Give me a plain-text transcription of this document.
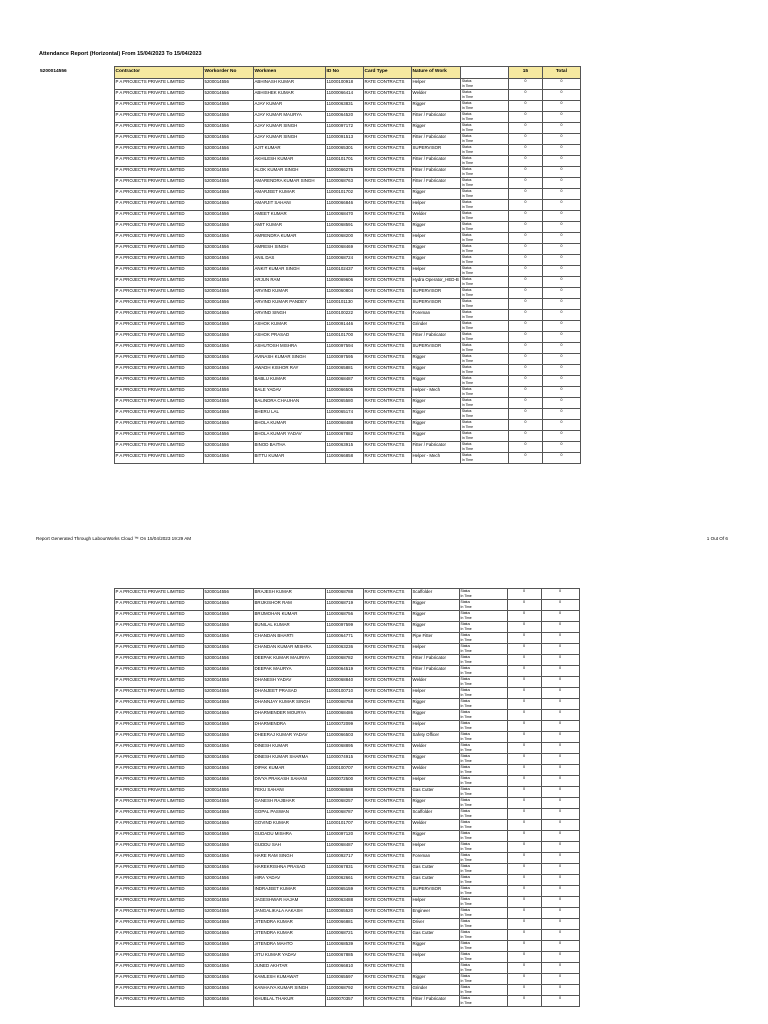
Attendance Report (Horizontal) From 15/04/2023 To 15/04/2023
5200014556	Contractor	Workorder No	Workmen	ID No	Card Type	Nature of Work		15	Total
	P A PROJECTS PRIVATE LIMITED	5200014556	ABHINASH KUMAR	11000100918	RATE CONTRACTS	Helper	Status
In Time	0	0

	P A PROJECTS PRIVATE LIMITED	5200014556	ABHISHEK KUMAR	11000066414	RATE CONTRACTS	Welder	Status
In Time	0	0

	P A PROJECTS PRIVATE LIMITED	5200014556	AJAY KUMAR	11000063831	RATE CONTRACTS	Rigger	Status
In Time	0	0

	P A PROJECTS PRIVATE LIMITED	5200014556	AJAY KUMAR MAURYA	11000064520	RATE CONTRACTS	Fitter / Fabricator	Status
In Time	0	0

	P A PROJECTS PRIVATE LIMITED	5200014556	AJAY KUMAR SINGH	11000097172	RATE CONTRACTS	Rigger	Status
In Time	0	0

	P A PROJECTS PRIVATE LIMITED	5200014556	AJAY KUMAR SINGH	11000091513	RATE CONTRACTS	Fitter / Fabricator	Status
In Time	0	0

	P A PROJECTS PRIVATE LIMITED	5200014556	AJIT KUMAR	11000065301	RATE CONTRACTS	SUPERVISOR	Status
In Time	0	0

	P A PROJECTS PRIVATE LIMITED	5200014556	AKHILESH KUMAR	11000101701	RATE CONTRACTS	Fitter / Fabricator	Status
In Time	0	0

	P A PROJECTS PRIVATE LIMITED	5200014556	ALOK KUMAR SINGH	11000066275	RATE CONTRACTS	Fitter / Fabricator	Status
In Time	0	0

	P A PROJECTS PRIVATE LIMITED	5200014556	AMARENDRA KUMAR SINGH	11000068763	RATE CONTRACTS	Fitter / Fabricator	Status
In Time	0	0

	P A PROJECTS PRIVATE LIMITED	5200014556	AMARJEET KUMAR	11000101702	RATE CONTRACTS	Rigger	Status
In Time	0	0

	P A PROJECTS PRIVATE LIMITED	5200014556	AMARJIT SAHANI	11000066846	RATE CONTRACTS	Helper	Status
In Time	0	0

	P A PROJECTS PRIVATE LIMITED	5200014556	AMEET KUMAR	11000068470	RATE CONTRACTS	Welder	Status
In Time	0	0

	P A PROJECTS PRIVATE LIMITED	5200014556	AMIT KUMAR	11000068591	RATE CONTRACTS	Rigger	Status
In Time	0	0

	P A PROJECTS PRIVATE LIMITED	5200014556	AMRENDRA KUMAR	11000068200	RATE CONTRACTS	Helper	Status
In Time	0	0

	P A PROJECTS PRIVATE LIMITED	5200014556	AMRESH SINGH	11000068469	RATE CONTRACTS	Rigger	Status
In Time	0	0

	P A PROJECTS PRIVATE LIMITED	5200014556	ANIL DAS	11000068724	RATE CONTRACTS	Rigger	Status
In Time	0	0

	P A PROJECTS PRIVATE LIMITED	5200014556	ANKIT KUMAR SINGH	11000102437	RATE CONTRACTS	Helper	Status
In Time	0	0

	P A PROJECTS PRIVATE LIMITED	5200014556	ARJUN RAM	11000069606	RATE CONTRACTS	Hydra Operator_HED-B	Status
In Time	0	0

	P A PROJECTS PRIVATE LIMITED	5200014556	ARVIND KUMAR	11000060804	RATE CONTRACTS	SUPERVISOR	Status
In Time	0	0

	P A PROJECTS PRIVATE LIMITED	5200014556	ARVIND KUMAR PANDEY	11000101130	RATE CONTRACTS	SUPERVISOR	Status
In Time	0	0

	P A PROJECTS PRIVATE LIMITED	5200014556	ARVIND SINGH	11000100222	RATE CONTRACTS	Foreman	Status
In Time	0	0

	P A PROJECTS PRIVATE LIMITED	5200014556	ASHOK KUMAR	11000091446	RATE CONTRACTS	Grinder	Status
In Time	0	0

	P A PROJECTS PRIVATE LIMITED	5200014556	ASHOK PRASAD	11000101700	RATE CONTRACTS	Fitter / Fabricator	Status
In Time	0	0

	P A PROJECTS PRIVATE LIMITED	5200014556	ASHUTOSH MISHRA	11000097594	RATE CONTRACTS	SUPERVISOR	Status
In Time	0	0

	P A PROJECTS PRIVATE LIMITED	5200014556	AVINASH KUMAR SINGH	11000097595	RATE CONTRACTS	Rigger	Status
In Time	0	0

	P A PROJECTS PRIVATE LIMITED	5200014556	AWADH KISHOR RAY	11000065881	RATE CONTRACTS	Rigger	Status
In Time	0	0

	P A PROJECTS PRIVATE LIMITED	5200014556	BABLU KUMAR	11000068487	RATE CONTRACTS	Rigger	Status
In Time	0	0

	P A PROJECTS PRIVATE LIMITED	5200014556	BALE YADAV	11000066505	RATE CONTRACTS	Helper - Mech	Status
In Time	0	0

	P A PROJECTS PRIVATE LIMITED	5200014556	BALINDRA CHAUHAN	11000065580	RATE CONTRACTS	Rigger	Status
In Time	0	0

	P A PROJECTS PRIVATE LIMITED	5200014556	BHERU LAL	11000065174	RATE CONTRACTS	Rigger	Status
In Time	0	0

	P A PROJECTS PRIVATE LIMITED	5200014556	BHOLA KUMAR	11000068488	RATE CONTRACTS	Rigger	Status
In Time	0	0

	P A PROJECTS PRIVATE LIMITED	5200014556	BHOLA KUMAR YADAV	11000067882	RATE CONTRACTS	Rigger	Status
In Time	0	0

	P A PROJECTS PRIVATE LIMITED	5200014556	BINOD BAITHA	11000063915	RATE CONTRACTS	Fitter / Fabricator	Status
In Time	0	0

	P A PROJECTS PRIVATE LIMITED	5200014556	BITTU KUMAR	11000066858	RATE CONTRACTS	Helper - Mech	Status
In Time	0	0
Report Generated Through LabourWorks Cloud ™ On 15/04/2023 19:29 AM	1 Out Of 6
	P A PROJECTS PRIVATE LIMITED	5200014556	BRAJESH KUMAR	11000068788	RATE CONTRACTS	Scaffolder	Status
In Time	0	0

	P A PROJECTS PRIVATE LIMITED	5200014556	BRIJKISHOR RAM	11000068719	RATE CONTRACTS	Rigger	Status
In Time	0	0

	P A PROJECTS PRIVATE LIMITED	5200014556	BRIJMOHAN KUMAR	11000068756	RATE CONTRACTS	Rigger	Status
In Time	0	0

	P A PROJECTS PRIVATE LIMITED	5200014556	BUNILAL KUMAR	11000097599	RATE CONTRACTS	Rigger	Status
In Time	0	0

	P A PROJECTS PRIVATE LIMITED	5200014556	CHANDAN BHARTI	11000064771	RATE CONTRACTS	Pipe Fitter	Status
In Time	0	0

	P A PROJECTS PRIVATE LIMITED	5200014556	CHANDAN KUMAR MISHRA	11000063236	RATE CONTRACTS	Helper	Status
In Time	0	0

	P A PROJECTS PRIVATE LIMITED	5200014556	DEEPAK KUMAR MAURIYA	11000068782	RATE CONTRACTS	Fitter / Fabricator	Status
In Time	0	0

	P A PROJECTS PRIVATE LIMITED	5200014556	DEEPAK MAURYA	11000064519	RATE CONTRACTS	Fitter / Fabricator	Status
In Time	0	0

	P A PROJECTS PRIVATE LIMITED	5200014556	DHANESH YADAV	11000068840	RATE CONTRACTS	Welder	Status
In Time	0	0

	P A PROJECTS PRIVATE LIMITED	5200014556	DHANJEET PRASAD	11000100710	RATE CONTRACTS	Helper	Status
In Time	0	0

	P A PROJECTS PRIVATE LIMITED	5200014556	DHANNJAY KUMAR SINGH	11000068758	RATE CONTRACTS	Rigger	Status
In Time	0	0

	P A PROJECTS PRIVATE LIMITED	5200014556	DHARMENDER MOURYA	11000068486	RATE CONTRACTS	Rigger	Status
In Time	0	0

	P A PROJECTS PRIVATE LIMITED	5200014556	DHARMENDRA	11000072099	RATE CONTRACTS	Helper	Status
In Time	0	0

	P A PROJECTS PRIVATE LIMITED	5200014556	DHEERAJ KUMAR YADAV	11000066503	RATE CONTRACTS	Safety Officer	Status
In Time	0	0

	P A PROJECTS PRIVATE LIMITED	5200014556	DINESH KUMAR	11000068895	RATE CONTRACTS	Welder	Status
In Time	0	0

	P A PROJECTS PRIVATE LIMITED	5200014556	DINESH KUMAR SHARMA	11000074915	RATE CONTRACTS	Rigger	Status
In Time	0	0

	P A PROJECTS PRIVATE LIMITED	5200014556	DIPAK KUMAR	11000100707	RATE CONTRACTS	Welder	Status
In Time	0	0

	P A PROJECTS PRIVATE LIMITED	5200014556	DIVYA PRAKASH SAHANI	11000072500	RATE CONTRACTS	Helper	Status
In Time	0	0

	P A PROJECTS PRIVATE LIMITED	5200014556	FEKU SAHANI	11000068588	RATE CONTRACTS	Gas Cutter	Status
In Time	0	0

	P A PROJECTS PRIVATE LIMITED	5200014556	GANESH RAJBHAR	11000068257	RATE CONTRACTS	Rigger	Status
In Time	0	0

	P A PROJECTS PRIVATE LIMITED	5200014556	GOPAL PASWAN	11000068787	RATE CONTRACTS	Scaffolder	Status
In Time	0	0

	P A PROJECTS PRIVATE LIMITED	5200014556	GOVIND KUMAR	11000101707	RATE CONTRACTS	Welder	Status
In Time	0	0

	P A PROJECTS PRIVATE LIMITED	5200014556	GUDADU MISHRA	11000097120	RATE CONTRACTS	Rigger	Status
In Time	0	0

	P A PROJECTS PRIVATE LIMITED	5200014556	GUDDU SAH	11000068487	RATE CONTRACTS	Helper	Status
In Time	0	0

	P A PROJECTS PRIVATE LIMITED	5200014556	HARE RAM SINGH	11000092717	RATE CONTRACTS	Foreman	Status
In Time	0	0

	P A PROJECTS PRIVATE LIMITED	5200014556	HAREKRISHNA PRASAD	11000067831	RATE CONTRACTS	Gas Cutter	Status
In Time	0	0

	P A PROJECTS PRIVATE LIMITED	5200014556	HIRA YADAV	11000062661	RATE CONTRACTS	Gas Cutter	Status
In Time	0	0

	P A PROJECTS PRIVATE LIMITED	5200014556	INDRAJEET KUMAR	11000065159	RATE CONTRACTS	SUPERVISOR	Status
In Time	0	0

	P A PROJECTS PRIVATE LIMITED	5200014556	JAGESHWAR HAJAM	11000063488	RATE CONTRACTS	Helper	Status
In Time	0	0

	P A PROJECTS PRIVATE LIMITED	5200014556	JANGALIKALA AAKASH	11000065520	RATE CONTRACTS	Engineer	Status
In Time	0	0

	P A PROJECTS PRIVATE LIMITED	5200014556	JITENDRA KUMAR	11000066881	RATE CONTRACTS	Driver	Status
In Time	0	0

	P A PROJECTS PRIVATE LIMITED	5200014556	JITENDRA KUMAR	11000068721	RATE CONTRACTS	Gas Cutter	Status
In Time	0	0

	P A PROJECTS PRIVATE LIMITED	5200014556	JITENDRA MAHTO	11000068539	RATE CONTRACTS	Rigger	Status
In Time	0	0

	P A PROJECTS PRIVATE LIMITED	5200014556	JITU KUMAR YADAV	11000067885	RATE CONTRACTS	Helper	Status
In Time	0	0

	P A PROJECTS PRIVATE LIMITED	5200014556	JUNED AKHTAR	11000066810	RATE CONTRACTS		Status
In Time	0	0

	P A PROJECTS PRIVATE LIMITED	5200014556	KAMLESH KUMAWAT	11000065597	RATE CONTRACTS	Rigger	Status
In Time	0	0

	P A PROJECTS PRIVATE LIMITED	5200014556	KANHAIYA KUMAR SINGH	11000068792	RATE CONTRACTS	Grinder	Status
In Time	0	0

	P A PROJECTS PRIVATE LIMITED	5200014556	KHUBLAL THAKUR	11000070357	RATE CONTRACTS	Fitter / Fabricator	Status
In Time	0	0
